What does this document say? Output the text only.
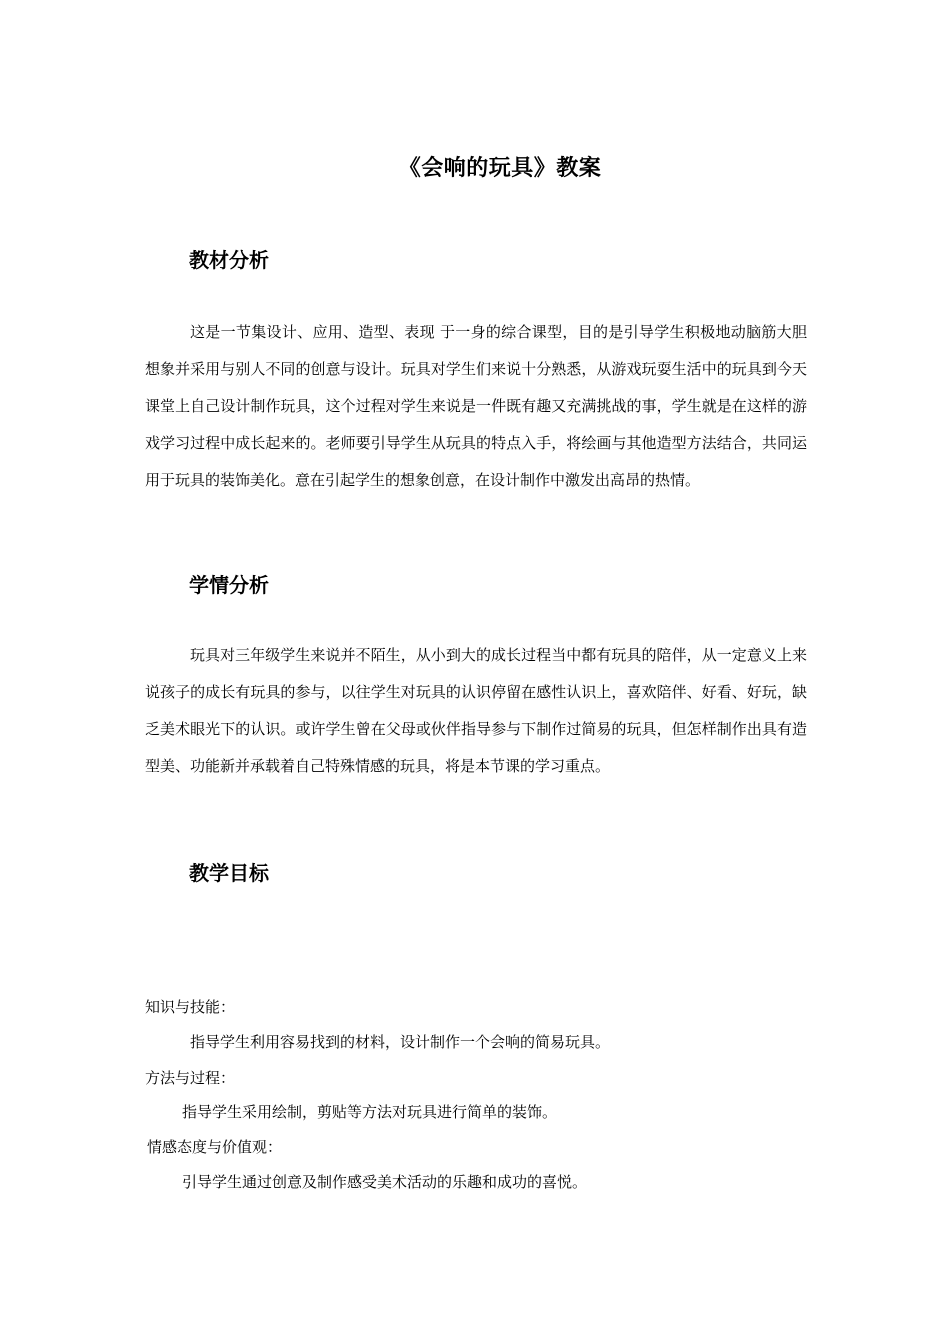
《会响的玩具》教案
教材分析

这是一节集设计、应用、造型、表现 于一身的综合课型，目的是引导学生积极地动脑筋大胆想象并采用与别人不同的创意与设计。玩具对学生们来说十分熟悉，从游戏玩耍生活中的玩具到今天课堂上自己设计制作玩具，这个过程对学生来说是一件既有趣又充满挑战的事，学生就是在这样的游戏学习过程中成长起来的。老师要引导学生从玩具的特点入手，将绘画与其他造型方法结合，共同运用于玩具的装饰美化。意在引起学生的想象创意，在设计制作中激发出高昂的热情。

学情分析

玩具对三年级学生来说并不陌生，从小到大的成长过程当中都有玩具的陪伴，从一定意义上来说孩子的成长有玩具的参与，以往学生对玩具的认识停留在感性认识上，喜欢陪伴、好看、好玩，缺乏美术眼光下的认识。或许学生曾在父母或伙伴指导参与下制作过简易的玩具，但怎样制作出具有造型美、功能新并承载着自己特殊情感的玩具，将是本节课的学习重点。

教学目标
知识与技能：
指导学生利用容易找到的材料，设计制作一个会响的简易玩具。
方法与过程：
指导学生采用绘制，剪贴等方法对玩具进行简单的装饰。
情感态度与价值观：
引导学生通过创意及制作感受美术活动的乐趣和成功的喜悦。
